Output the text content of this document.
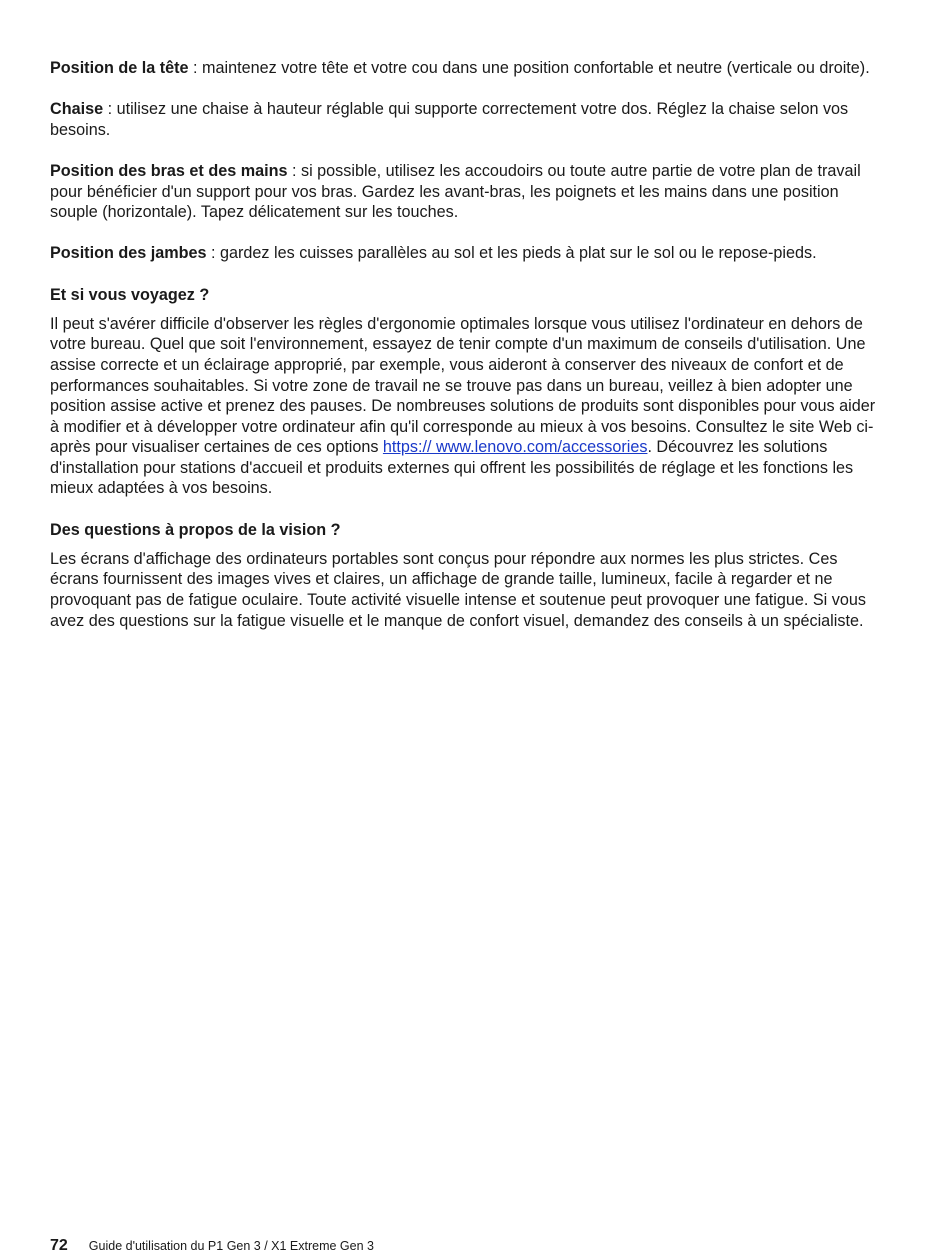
Position de la tête : maintenez votre tête et votre cou dans une position confortable et neutre (verticale ou droite).

Chaise : utilisez une chaise à hauteur réglable qui supporte correctement votre dos. Réglez la chaise selon vos besoins.

Position des bras et des mains : si possible, utilisez les accoudoirs ou toute autre partie de votre plan de travail pour bénéficier d'un support pour vos bras. Gardez les avant-bras, les poignets et les mains dans une position souple (horizontale). Tapez délicatement sur les touches.

Position des jambes : gardez les cuisses parallèles au sol et les pieds à plat sur le sol ou le repose-pieds.

Et si vous voyagez ?

Il peut s'avérer difficile d'observer les règles d'ergonomie optimales lorsque vous utilisez l'ordinateur en dehors de votre bureau. Quel que soit l'environnement, essayez de tenir compte d'un maximum de conseils d'utilisation. Une assise correcte et un éclairage approprié, par exemple, vous aideront à conserver des niveaux de confort et de performances souhaitables. Si votre zone de travail ne se trouve pas dans un bureau, veillez à bien adopter une position assise active et prenez des pauses. De nombreuses solutions de produits sont disponibles pour vous aider à modifier et à développer votre ordinateur afin qu'il corresponde au mieux à vos besoins. Consultez le site Web ci-après pour visualiser certaines de ces options https:// www.lenovo.com/accessories. Découvrez les solutions d'installation pour stations d'accueil et produits externes qui offrent les possibilités de réglage et les fonctions les mieux adaptées à vos besoins.

Des questions à propos de la vision ?

Les écrans d'affichage des ordinateurs portables sont conçus pour répondre aux normes les plus strictes. Ces écrans fournissent des images vives et claires, un affichage de grande taille, lumineux, facile à regarder et ne provoquant pas de fatigue oculaire. Toute activité visuelle intense et soutenue peut provoquer une fatigue. Si vous avez des questions sur la fatigue visuelle et le manque de confort visuel, demandez des conseils à un spécialiste.

72 Guide d'utilisation du P1 Gen 3 / X1 Extreme Gen 3
